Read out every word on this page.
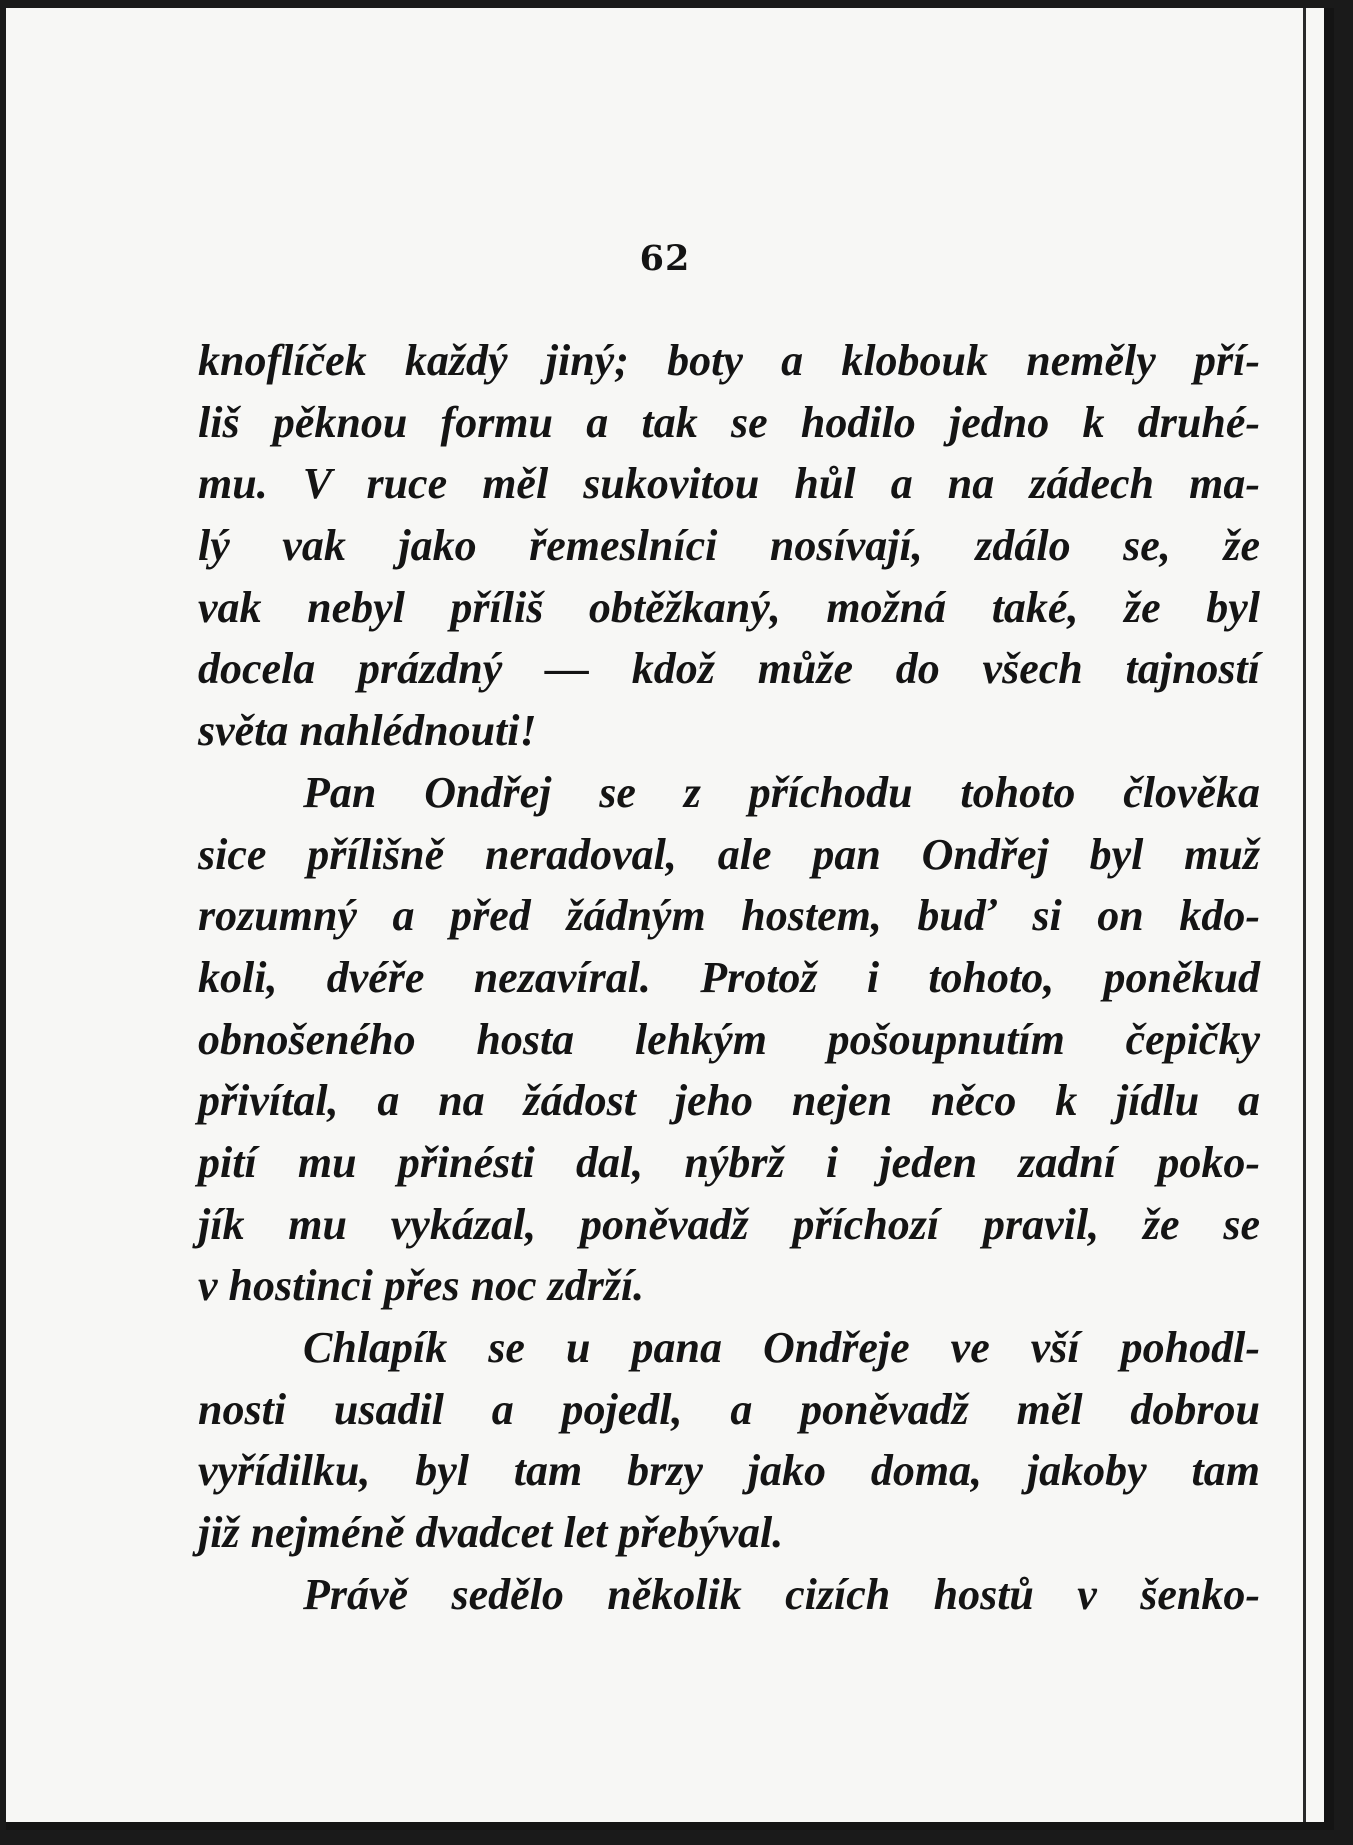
62
knoflíček každý jiný; boty a klobouk neměly pří-
liš pěknou formu a tak se hodilo jedno k druhé-
mu. V ruce měl sukovitou hůl a na zádech ma-
lý vak jako řemeslníci nosívají, zdálo se, že
vak nebyl příliš obtěžkaný, možná také, že byl
docela prázdný — kdož může do všech tajností
světa nahlédnouti!
Pan Ondřej se z příchodu tohoto člověka
sice přílišně neradoval, ale pan Ondřej byl muž
rozumný a před žádným hostem, buď si on kdo-
koli, dvéře nezavíral. Protož i tohoto, poněkud
obnošeného hosta lehkým pošoupnutím čepičky
přivítal, a na žádost jeho nejen něco k jídlu a
pití mu přinésti dal, nýbrž i jeden zadní poko-
jík mu vykázal, poněvadž příchozí pravil, že se
v hostinci přes noc zdrží.
Chlapík se u pana Ondřeje ve vší pohodl-
nosti usadil a pojedl, a poněvadž měl dobrou
vyřídilku, byl tam brzy jako doma, jakoby tam
již nejméně dvadcet let přebýval.
Právě sedělo několik cizích hostů v šenko-
